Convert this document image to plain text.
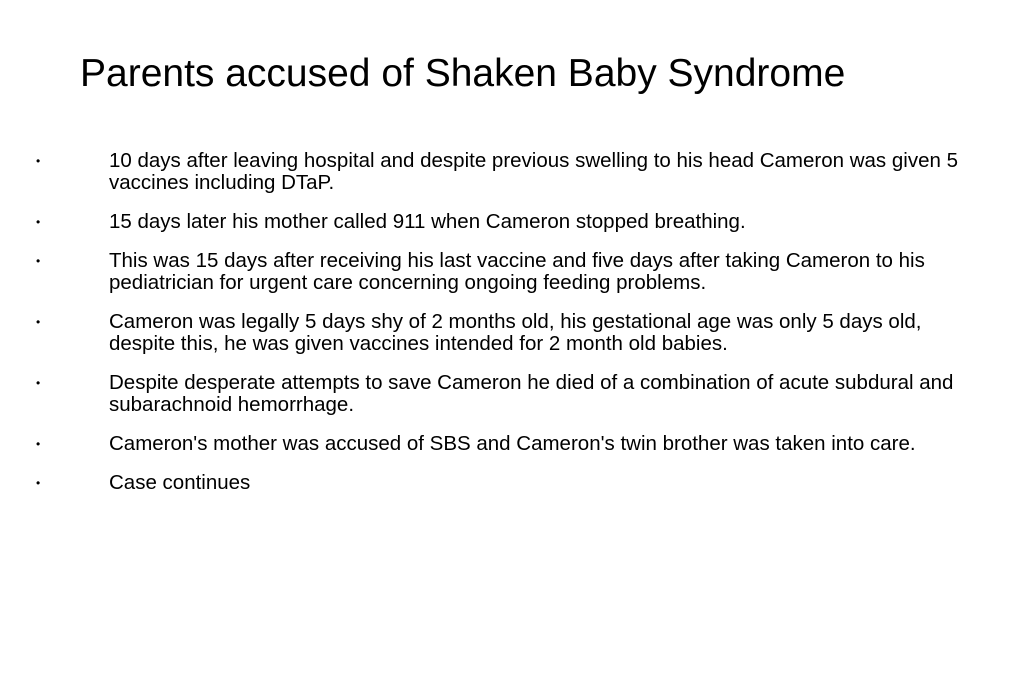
Parents accused of Shaken Baby Syndrome
•	10 days after leaving hospital and despite previous swelling to his head Cameron was given 5 vaccines including DTaP.
•	15 days later his mother called 911 when Cameron stopped breathing.
•	This was 15 days after receiving his last vaccine and five days after taking Cameron to his pediatrician for urgent care concerning ongoing feeding problems.
•	Cameron was legally 5 days shy of 2 months old, his gestational age was only 5 days old, despite this, he was given vaccines intended for 2 month old babies.
•	Despite desperate attempts to save Cameron he died of a combination of acute subdural and subarachnoid hemorrhage.
•	Cameron's mother was accused of SBS and Cameron's twin brother was taken into care.
•	Case continues
